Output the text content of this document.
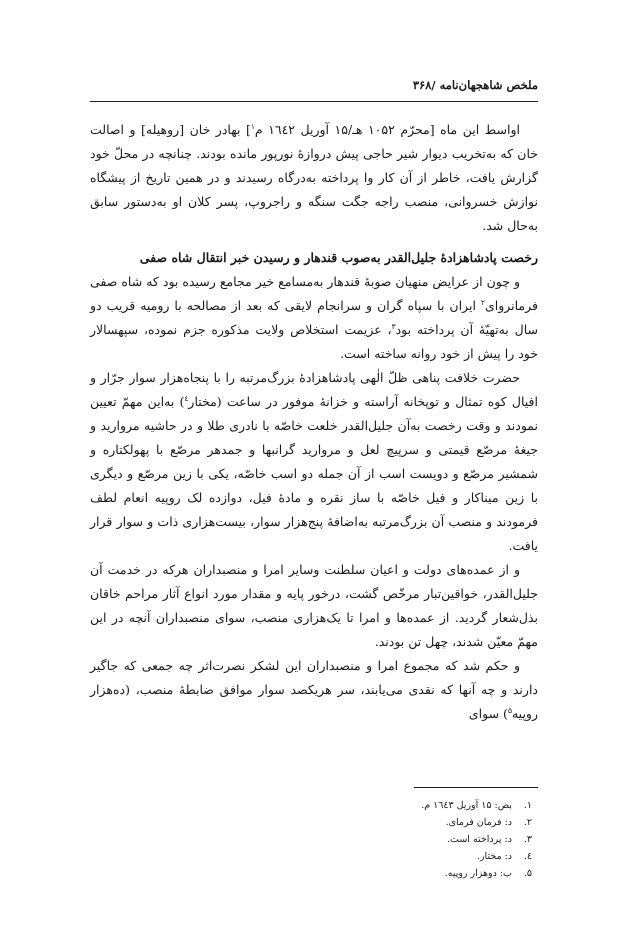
ملخص شاهجهان‌نامه /۳۶۸

اواسط این ماه [محرّم ۱۰۵۲ هـ/۱۵ آوریل ۱٦٤۲ م$^۱$] بهادر خان [روهیله] و اصالت خان که به‌تخریب دیوار شیر حاجی پیش دروازهٔ نورپور مانده بودند. چنانچه در محلّ خود گزارش یافت، خاطر از آن کار وا پرداخته به‌درگاه رسیدند و در همین تاریخ از پیشگاه نوازش خسروانی، منصب راجه جگت سنگه و راجروپ، پسر کلان او به‌دستور سابق به‌حال شد.

رخصت پادشاهزادهٔ جلیل‌القدر به‌صوب قندهار و رسیدن خبر انتقال شاه صفی

و چون از عرایض منهیان صوبهٔ قندهار به‌مسامع خیر مجامع رسیده بود که شاه صفی فرمانروای$^۲$ ایران با سپاه گران و سرانجام لایقی که بعد از مصالحه با رومیه قریب دو سال به‌تهیّهٔ آن پرداخته بود$^۳$، عزیمت استخلاص ولایت مذکوره جزم نموده، سپهسالار خود را پیش از خود روانه ساخته است.

حضرت خلافت پناهی ظلّ الٰهی پادشاهزادهٔ بزرگ‌مرتبه را با پنجاه‌هزار سوار جرّار و افیال کوه تمثال و توپخانه آراسته و خزانهٔ موفور در ساعت (مختار$^٤$) به‌این مهمّ تعیین نمودند و وقت رخصت به‌آن جلیل‌القدر خلعت خاصّه با نادری طلا و در حاشیه مروارید و جیغهٔ مرصّع قیمتی و سرپیچ لعل و مروارید گرانبها و جمدهر مرصّع با پهولکتاره و شمشیر مرصّع و دویست اسب از آن جمله دو اسب خاصّه، یکی با زین مرصّع و دیگری با زین میناکار و فیل خاصّه با ساز نقره و مادهٔ فیل، دوازده لک روپیه انعام لطف فرمودند و منصب آن بزرگ‌مرتبه به‌اضافهٔ پنج‌هزار سوار، بیست‌هزاری ذات و سوار قرار یافت.

و از عمده‌های دولت و اعیان سلطنت وسایر امرا و منصبداران هرکه در خدمت آن جلیل‌القدر، خواقین‌تبار مرخّص گشت، درخور پایه و مقدار مورد انواع آثار مراحم خاقان بذل‌شعار گردید. از عمده‌ها و امرا تا یک‌هزاری منصب، سوای منصبداران آنچه در این مهمّ معیّن شدند، چهل تن بودند.

و حکم شد که مجموع امرا و منصبداران این لشکر نصرت‌اثر چه جمعی که جاگیر دارند و چه آنها که نقدی می‌یابند، سر هریکصد سوار موافق ضابطهٔ منصب، (ده‌هزار روپیه$^۵$) سوای

۱.
بض: ۱۵ آوریل ۱٦٤۳ م.
۲.
د: فرمان فرمای.
۳.
د: پرداخته است.
٤.
د: مختار.
۵.
ب: دوهزار روپیه.
